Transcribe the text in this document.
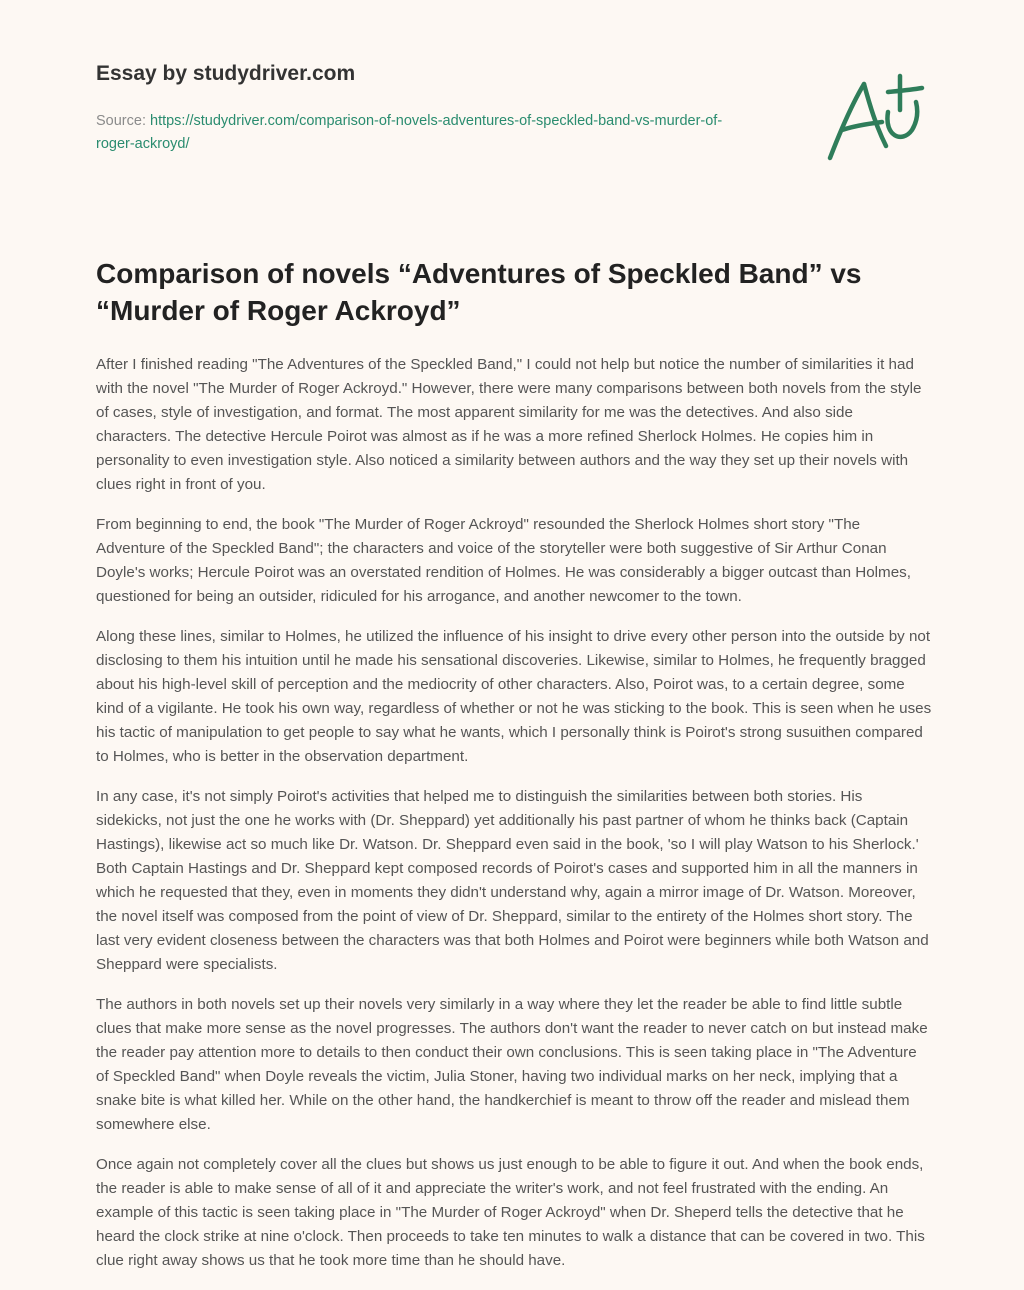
Essay by studydriver.com
Source: https://studydriver.com/comparison-of-novels-adventures-of-speckled-band-vs-murder-of-roger-ackroyd/
Comparison of novels “Adventures of Speckled Band” vs “Murder of Roger Ackroyd”

After I finished reading "The Adventures of the Speckled Band," I could not help but notice the number of similarities it had with the novel "The Murder of Roger Ackroyd." However, there were many comparisons between both novels from the style of cases, style of investigation, and format. The most apparent similarity for me was the detectives. And also side characters. The detective Hercule Poirot was almost as if he was a more refined Sherlock Holmes. He copies him in personality to even investigation style. Also noticed a similarity between authors and the way they set up their novels with clues right in front of you.

From beginning to end, the book "The Murder of Roger Ackroyd" resounded the Sherlock Holmes short story "The Adventure of the Speckled Band"; the characters and voice of the storyteller were both suggestive of Sir Arthur Conan Doyle's works; Hercule Poirot was an overstated rendition of Holmes. He was considerably a bigger outcast than Holmes, questioned for being an outsider, ridiculed for his arrogance, and another newcomer to the town.

Along these lines, similar to Holmes, he utilized the influence of his insight to drive every other person into the outside by not disclosing to them his intuition until he made his sensational discoveries. Likewise, similar to Holmes, he frequently bragged about his high-level skill of perception and the mediocrity of other characters. Also, Poirot was, to a certain degree, some kind of a vigilante. He took his own way, regardless of whether or not he was sticking to the book. This is seen when he uses his tactic of manipulation to get people to say what he wants, which I personally think is Poirot's strong susuithen compared to Holmes, who is better in the observation department.

In any case, it's not simply Poirot's activities that helped me to distinguish the similarities between both stories. His sidekicks, not just the one he works with (Dr. Sheppard) yet additionally his past partner of whom he thinks back (Captain Hastings), likewise act so much like Dr. Watson. Dr. Sheppard even said in the book, 'so I will play Watson to his Sherlock.' Both Captain Hastings and Dr. Sheppard kept composed records of Poirot's cases and supported him in all the manners in which he requested that they, even in moments they didn't understand why, again a mirror image of Dr. Watson. Moreover, the novel itself was composed from the point of view of Dr. Sheppard, similar to the entirety of the Holmes short story. The last very evident closeness between the characters was that both Holmes and Poirot were beginners while both Watson and Sheppard were specialists.

The authors in both novels set up their novels very similarly in a way where they let the reader be able to find little subtle clues that make more sense as the novel progresses. The authors don't want the reader to never catch on but instead make the reader pay attention more to details to then conduct their own conclusions. This is seen taking place in "The Adventure of Speckled Band" when Doyle reveals the victim, Julia Stoner, having two individual marks on her neck, implying that a snake bite is what killed her. While on the other hand, the handkerchief is meant to throw off the reader and mislead them somewhere else.

Once again not completely cover all the clues but shows us just enough to be able to figure it out. And when the book ends, the reader is able to make sense of all of it and appreciate the writer's work, and not feel frustrated with the ending. An example of this tactic is seen taking place in "The Murder of Roger Ackroyd" when Dr. Sheperd tells the detective that he heard the clock strike at nine o'clock. Then proceeds to take ten minutes to walk a distance that can be covered in two. This clue right away shows us that he took more time than he should have.
